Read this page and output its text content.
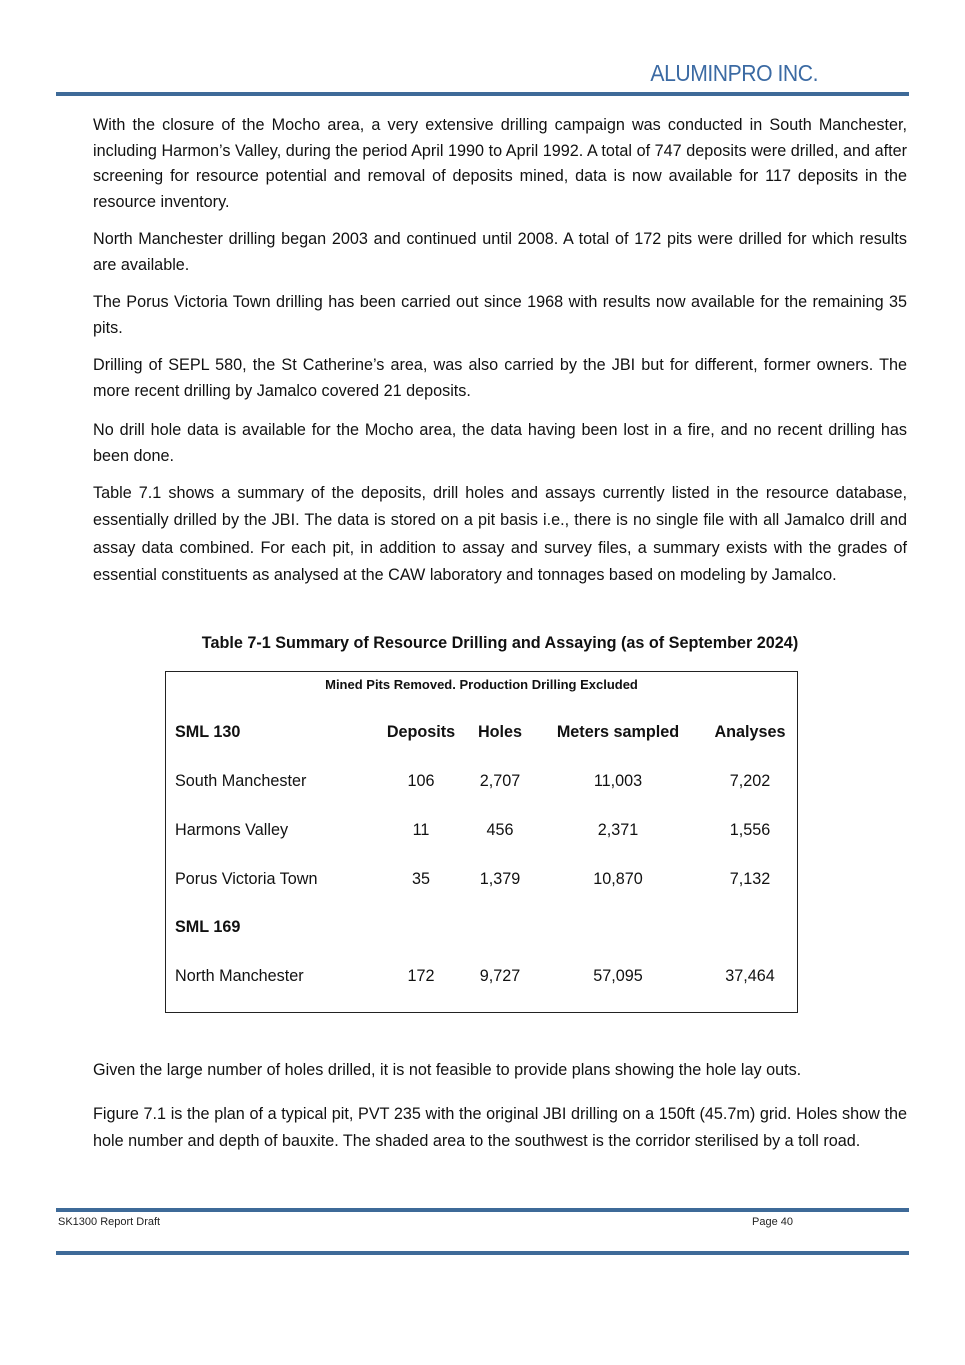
ALUMINPRO INC.

With the closure of the Mocho area, a very extensive drilling campaign was conducted in South Manchester, including Harmon’s Valley, during the period April 1990 to April 1992. A total of 747 deposits were drilled, and after screening for resource potential and removal of deposits mined, data is now available for 117 deposits in the resource inventory.

North Manchester drilling began 2003 and continued until 2008. A total of 172 pits were drilled for which results are available.

The Porus Victoria Town drilling has been carried out since 1968 with results now available for the remaining 35 pits.

Drilling of SEPL 580, the St Catherine’s area, was also carried by the JBI but for different, former owners. The more recent drilling by Jamalco covered 21 deposits.

No drill hole data is available for the Mocho area, the data having been lost in a fire, and no recent drilling has been done.

Table 7.1 shows a summary of the deposits, drill holes and assays currently listed in the resource database, essentially drilled by the JBI. The data is stored on a pit basis i.e., there is no single file with all Jamalco drill and assay data combined. For each pit, in addition to assay and survey files, a summary exists with the grades of essential constituents as analysed at the CAW laboratory and tonnages based on modeling by Jamalco.

Table 7-1 Summary of Resource Drilling and Assaying (as of September 2024)
Mined Pits Removed. Production Drilling Excluded
SML 130	Deposits	Holes	Meters sampled	Analyses
South Manchester	106	2,707	11,003	7,202
Harmons Valley	11	456	2,371	1,556
Porus Victoria Town	35	1,379	10,870	7,132
SML 169
North Manchester	172	9,727	57,095	37,464

Given the large number of holes drilled, it is not feasible to provide plans showing the hole lay outs.

Figure 7.1 is the plan of a typical pit, PVT 235 with the original JBI drilling on a 150ft (45.7m) grid. Holes show the hole number and depth of bauxite. The shaded area to the southwest is the corridor sterilised by a toll road.

SK1300 Report Draft	Page 40
